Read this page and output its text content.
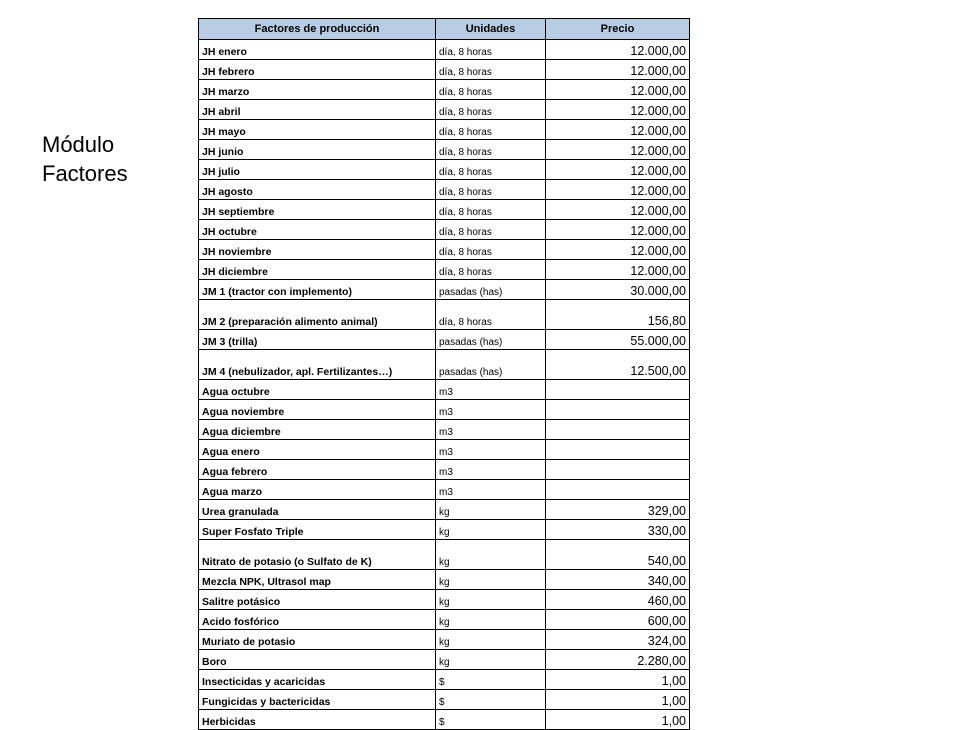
Módulo
Factores
Factores de producción	Unidades	Precio
JH enero	día, 8 horas	12.000,00
JH febrero	día, 8 horas	12.000,00
JH marzo	día, 8 horas	12.000,00
JH abril	día, 8 horas	12.000,00
JH mayo	día, 8 horas	12.000,00
JH junio	día, 8 horas	12.000,00
JH julio	día, 8 horas	12.000,00
JH agosto	día, 8 horas	12.000,00
JH septiembre	día, 8 horas	12.000,00
JH octubre	día, 8 horas	12.000,00
JH noviembre	día, 8 horas	12.000,00
JH diciembre	día, 8 horas	12.000,00
JM 1 (tractor con implemento)	pasadas (has)	30.000,00
JM 2 (preparación alimento animal)	día, 8 horas	156,80
JM 3 (trilla)	pasadas (has)	55.000,00
JM 4 (nebulizador, apl. Fertilizantes…)	pasadas (has)	12.500,00
Agua octubre	m3	
Agua noviembre	m3	
Agua diciembre	m3	
Agua enero	m3	
Agua febrero	m3	
Agua marzo	m3	
Urea granulada	kg	329,00
Super Fosfato Triple	kg	330,00
Nitrato de potasio (o Sulfato de K)	kg	540,00
Mezcla NPK, Ultrasol map	kg	340,00
Salitre potásico	kg	460,00
Acido fosfórico	kg	600,00
Muriato de potasio	kg	324,00
Boro	kg	2.280,00
Insecticidas y acaricidas	$	1,00
Fungicidas y bactericidas	$	1,00
Herbicidas	$	1,00
